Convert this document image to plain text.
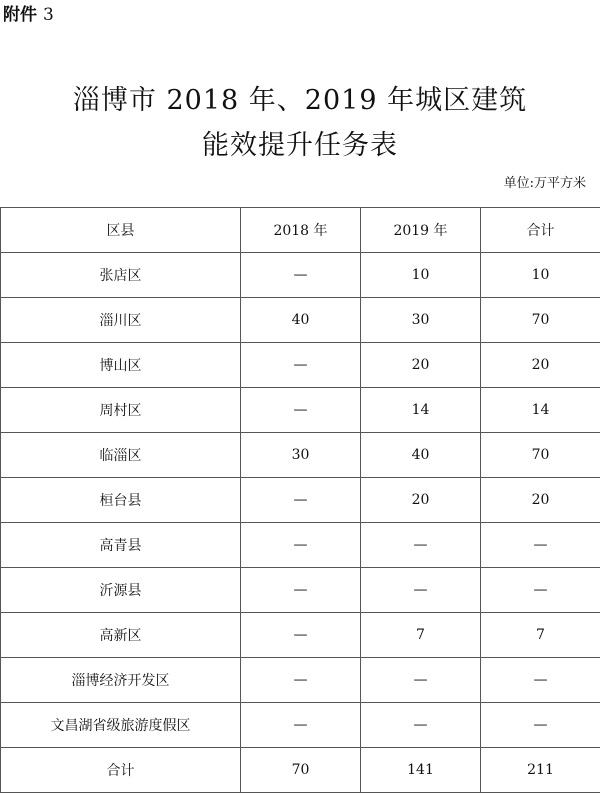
附件 3
淄博市 2018 年、2019 年城区建筑
能效提升任务表
单位:万平方米
区县	2018 年	2019 年	合计
张店区	—	10	10
淄川区	40	30	70
博山区	—	20	20
周村区	—	14	14
临淄区	30	40	70
桓台县	—	20	20
高青县	—	—	—
沂源县	—	—	—
高新区	—	7	7
淄博经济开发区	—	—	—
文昌湖省级旅游度假区	—	—	—
合计	70	141	211
